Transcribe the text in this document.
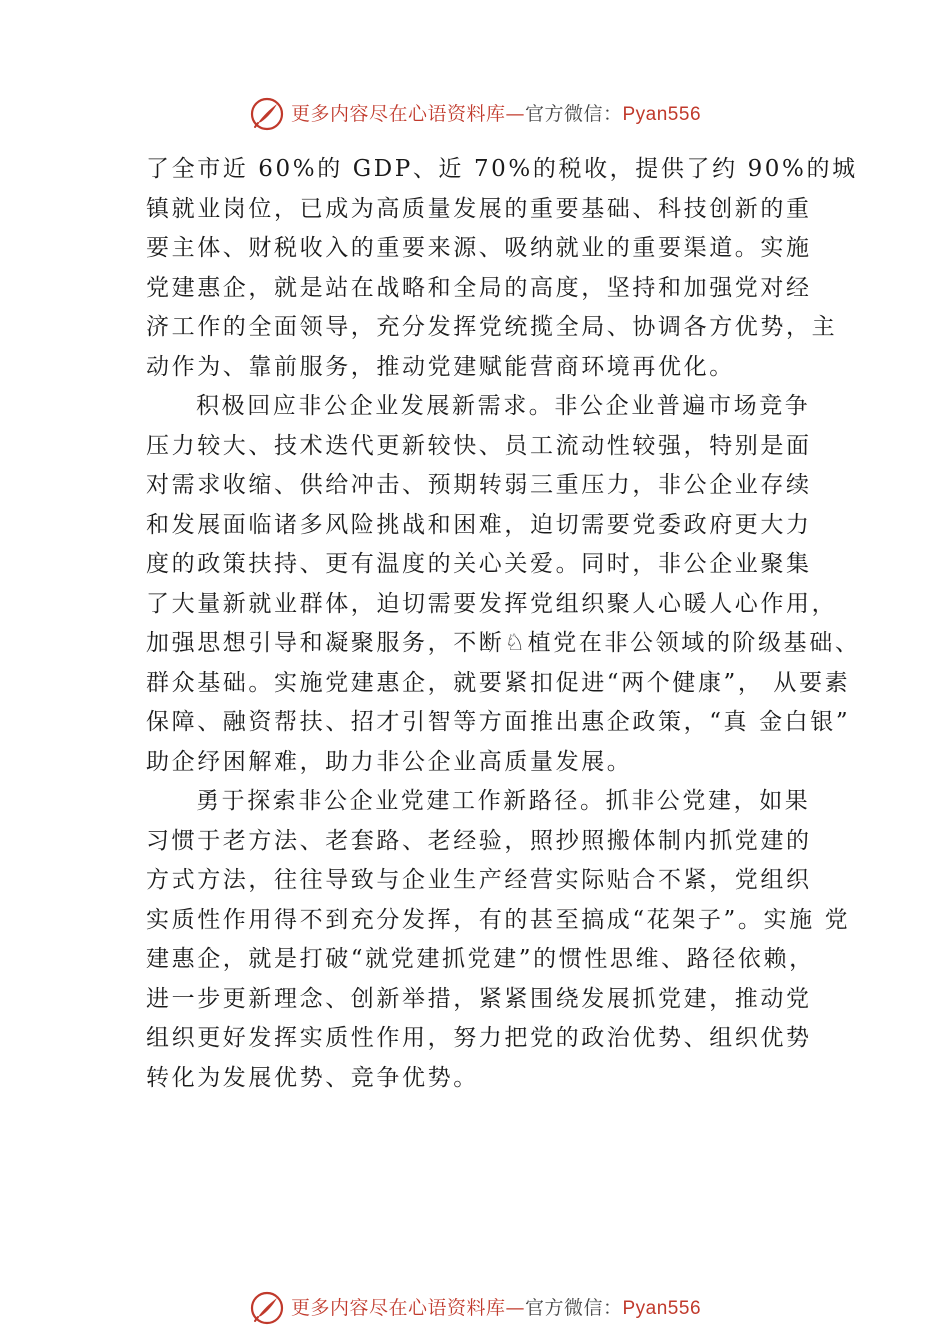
更多内容尽在心语资料库—官方微信：Pyan556
了全市近 60%的 GDP、近 70%的税收，提供了约 90%的城
镇就业岗位，已成为高质量发展的重要基础、科技创新的重
要主体、财税收入的重要来源、吸纳就业的重要渠道。实施
党建惠企，就是站在战略和全局的高度，坚持和加强党对经
济工作的全面领导，充分发挥党统揽全局、协调各方优势，主
动作为、靠前服务，推动党建赋能营商环境再优化。
积极回应非公企业发展新需求。非公企业普遍市场竞争
压力较大、技术迭代更新较快、员工流动性较强，特别是面
对需求收缩、供给冲击、预期转弱三重压力，非公企业存续
和发展面临诸多风险挑战和困难，迫切需要党委政府更大力
度的政策扶持、更有温度的关心关爱。同时，非公企业聚集
了大量新就业群体，迫切需要发挥党组织聚人心暖人心作用，
加强思想引导和凝聚服务，不断♘植党在非公领域的阶级基础、
群众基础。实施党建惠企，就要紧扣促进“两个健康”， 从要素
保障、融资帮扶、招才引智等方面推出惠企政策，“真 金白银”
助企纾困解难，助力非公企业高质量发展。
勇于探索非公企业党建工作新路径。抓非公党建，如果
习惯于老方法、老套路、老经验，照抄照搬体制内抓党建的
方式方法，往往导致与企业生产经营实际贴合不紧，党组织
实质性作用得不到充分发挥，有的甚至搞成“花架子”。实施 党
建惠企，就是打破“就党建抓党建”的惯性思维、路径依赖，
进一步更新理念、创新举措，紧紧围绕发展抓党建，推动党
组织更好发挥实质性作用，努力把党的政治优势、组织优势
转化为发展优势、竞争优势。
更多内容尽在心语资料库—官方微信：Pyan556
